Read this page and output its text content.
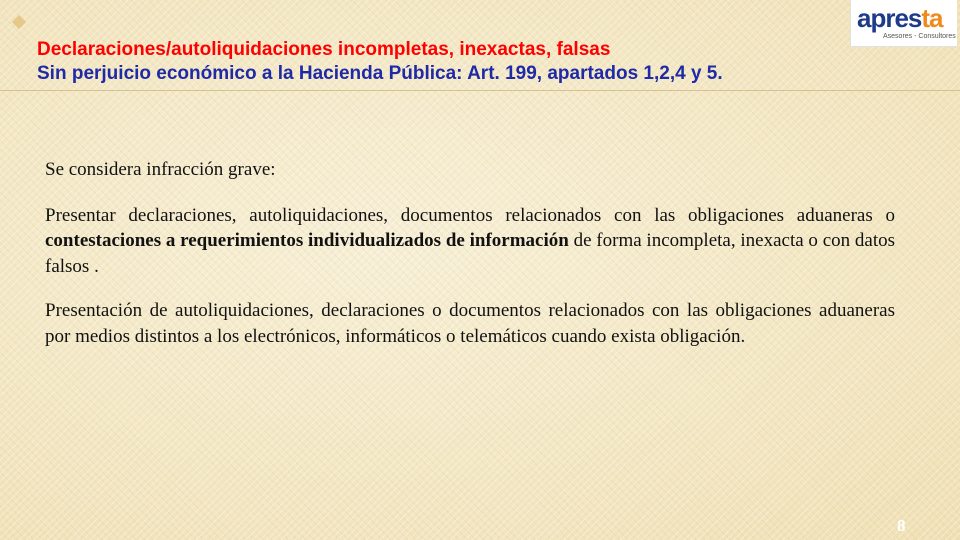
apresta
Asesores - Consultores

Declaraciones/autoliquidaciones incompletas, inexactas, falsas

Sin perjuicio económico a la Hacienda Pública: Art. 199, apartados 1,2,4 y 5.

Se considera infracción grave:

Presentar declaraciones, autoliquidaciones, documentos relacionados con las obligaciones aduaneras o contestaciones a requerimientos individualizados de información de forma incompleta, inexacta o con datos falsos .

Presentación de autoliquidaciones, declaraciones o documentos relacionados con las obligaciones aduaneras por medios distintos a los electrónicos, informáticos o telemáticos cuando exista obligación.

8
